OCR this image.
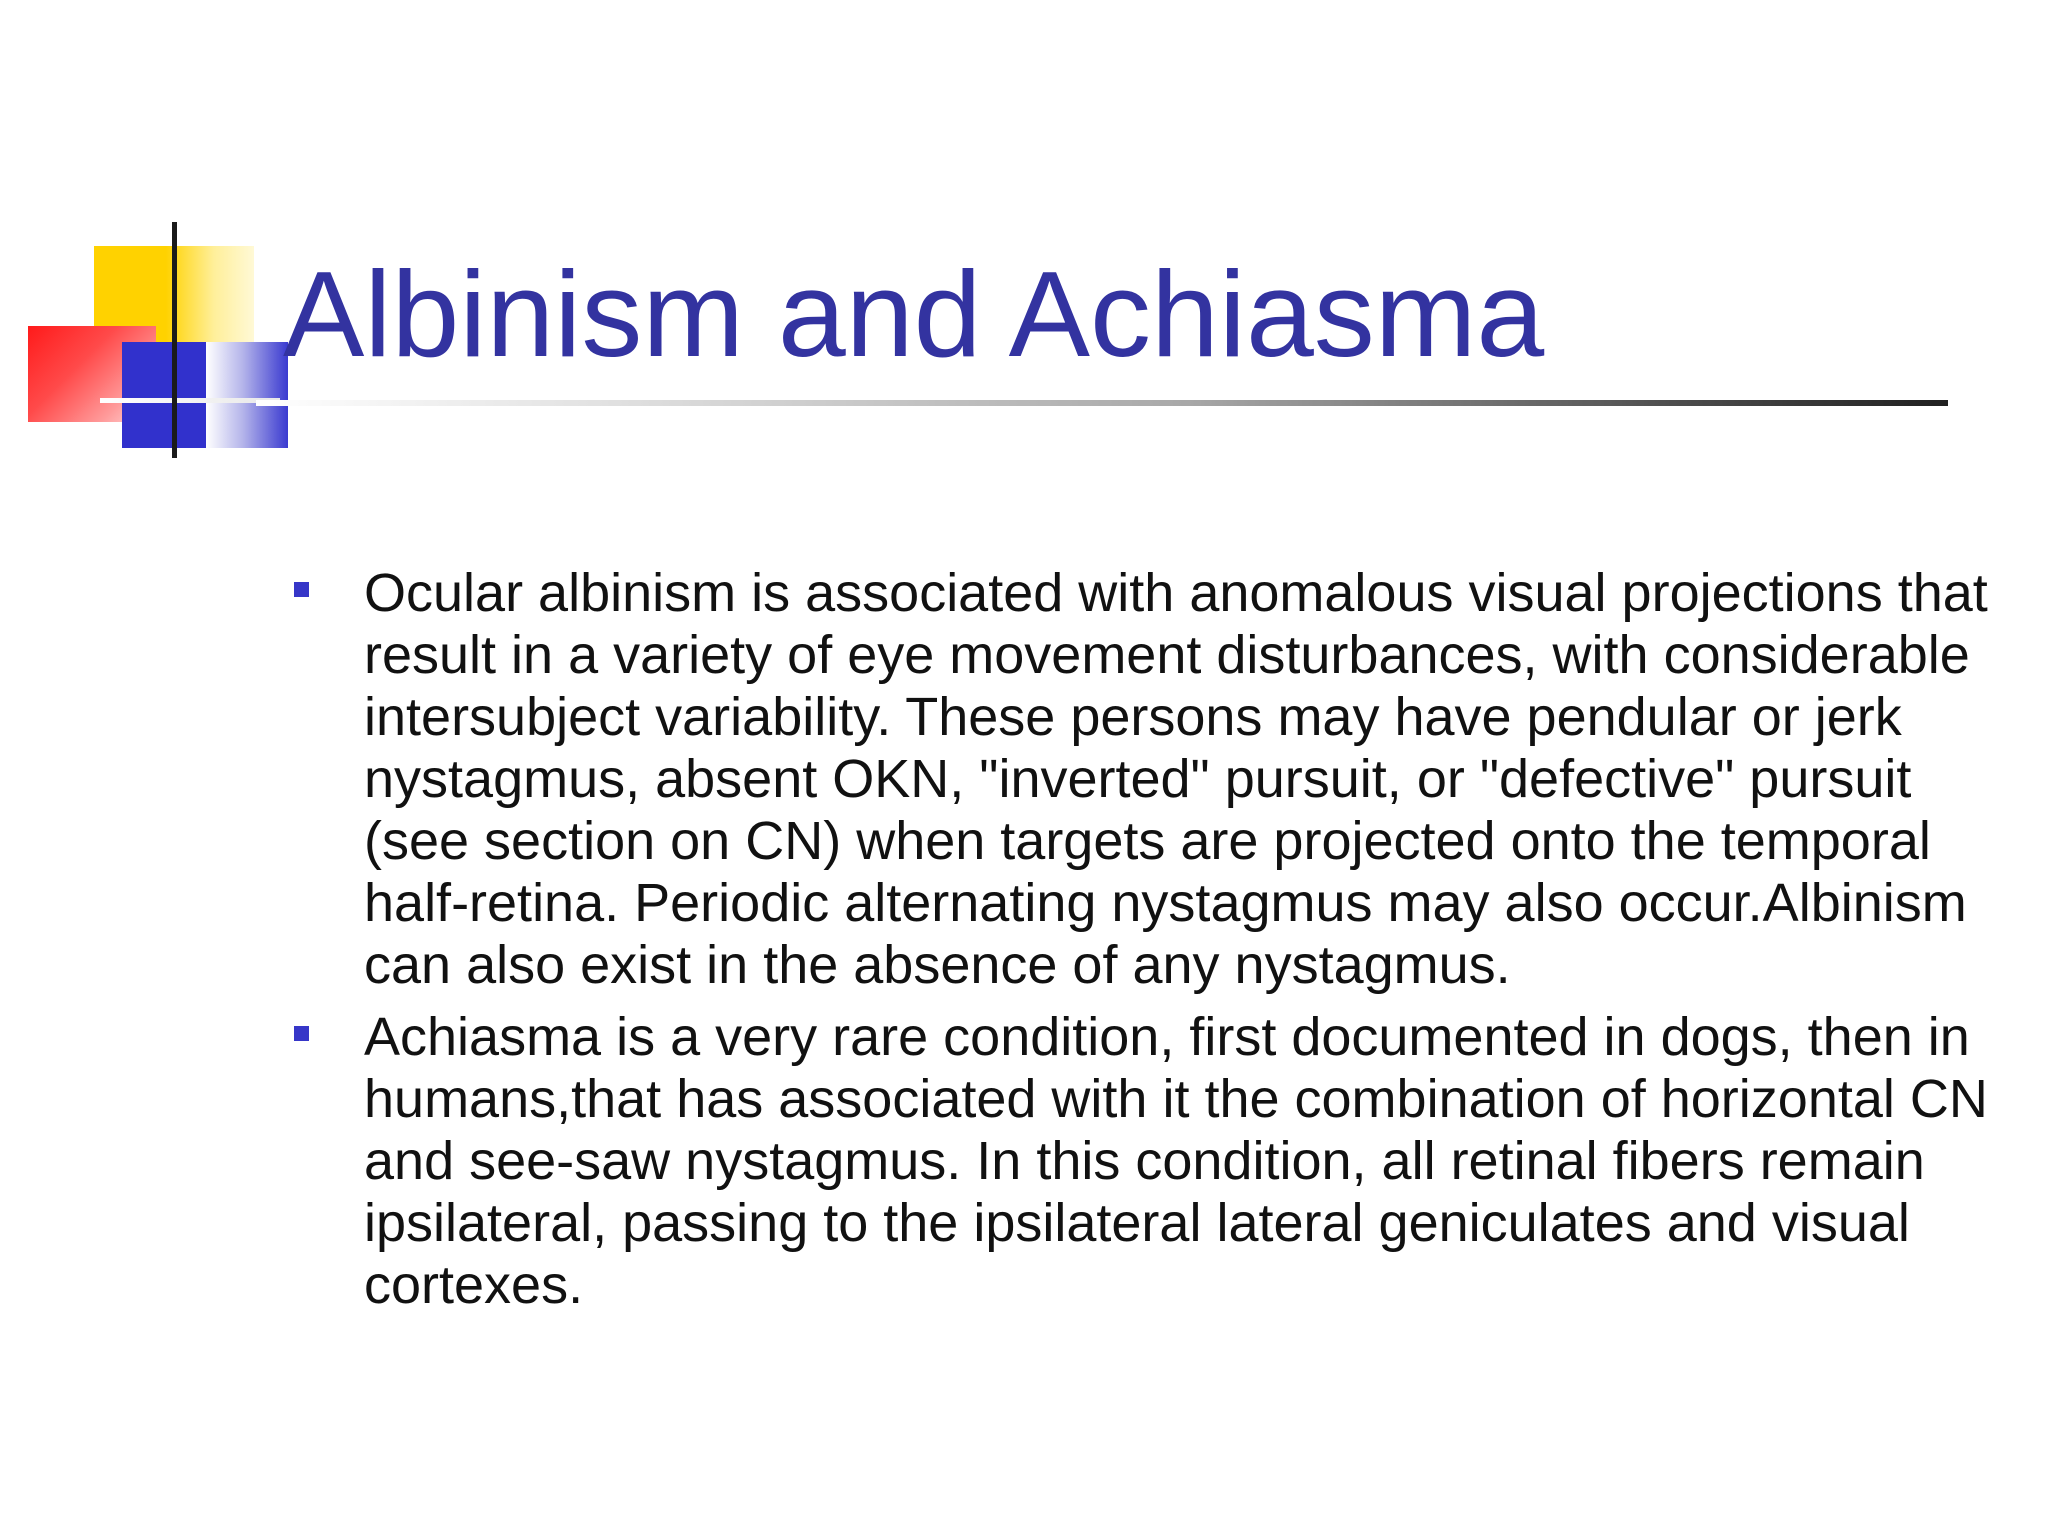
Albinism and Achiasma
Ocular albinism is associated with anomalous visual projections that result in a variety of eye movement disturbances, with considerable intersubject variability. These persons may have pendular or jerk nystagmus, absent OKN, "inverted" pursuit, or "defective" pursuit (see section on CN) when targets are projected onto the temporal half-retina. Periodic alternating nystagmus may also occur.Albinism can also exist in the absence of any nystagmus.
Achiasma is a very rare condition, first documented in dogs, then in humans,that has associated with it the combination of horizontal CN and see-saw nystagmus. In this condition, all retinal fibers remain ipsilateral, passing to the ipsilateral lateral geniculates and visual cortexes.
